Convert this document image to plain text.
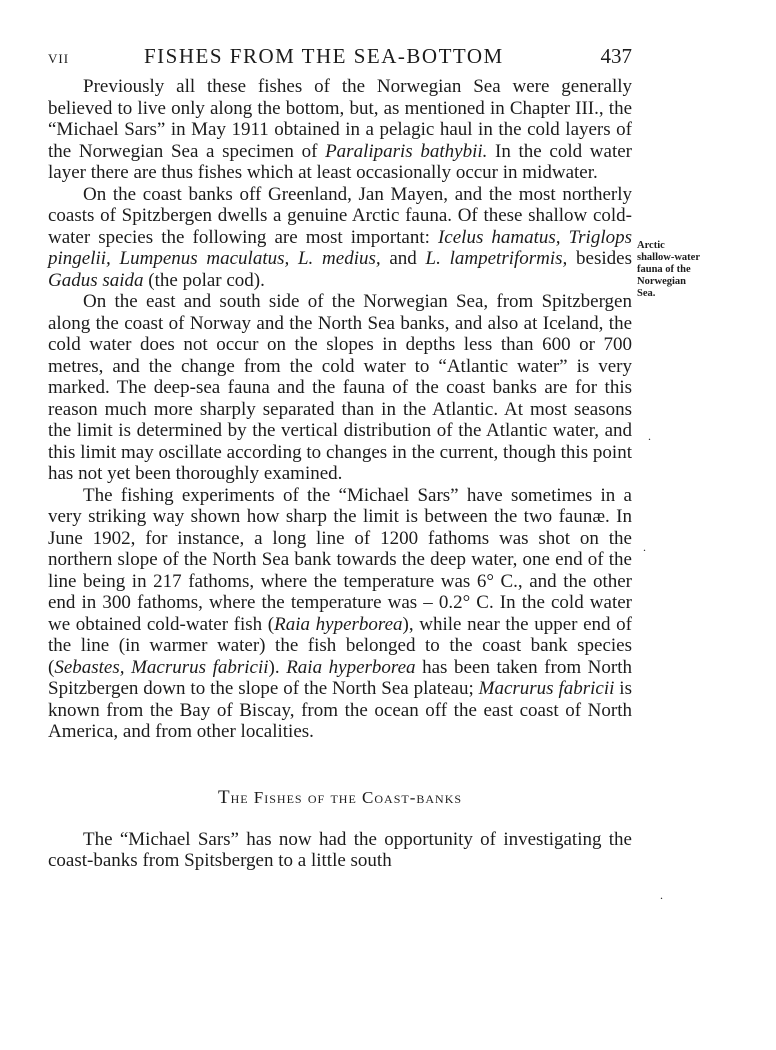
VII	FISHES FROM THE SEA-BOTTOM	437

Previously all these fishes of the Norwegian Sea were generally believed to live only along the bottom, but, as mentioned in Chapter III., the “Michael Sars” in May 1911 obtained in a pelagic haul in the cold layers of the Norwegian Sea a specimen of Paraliparis bathybii. In the cold water layer there are thus fishes which at least occasionally occur in midwater.

On the coast banks off Greenland, Jan Mayen, and the most northerly coasts of Spitzbergen dwells a genuine Arctic fauna. Of these shallow cold-water species the following are most important: Icelus hamatus, Triglops pingelii, Lumpenus maculatus, L. medius, and L. lampetriformis, besides Gadus saida (the polar cod).

On the east and south side of the Norwegian Sea, from Spitzbergen along the coast of Norway and the North Sea banks, and also at Iceland, the cold water does not occur on the slopes in depths less than 600 or 700 metres, and the change from the cold water to “Atlantic water” is very marked. The deep-sea fauna and the fauna of the coast banks are for this reason much more sharply separated than in the Atlantic. At most seasons the limit is determined by the vertical distribution of the Atlantic water, and this limit may oscillate according to changes in the current, though this point has not yet been thoroughly examined.

The fishing experiments of the “Michael Sars” have sometimes in a very striking way shown how sharp the limit is between the two faunæ. In June 1902, for instance, a long line of 1200 fathoms was shot on the northern slope of the North Sea bank towards the deep water, one end of the line being in 217 fathoms, where the temperature was 6° C., and the other end in 300 fathoms, where the temperature was – 0.2° C. In the cold water we obtained cold-water fish (Raia hyperborea), while near the upper end of the line (in warmer water) the fish belonged to the coast bank species (Sebastes, Macrurus fabricii). Raia hyperborea has been taken from North Spitzbergen down to the slope of the North Sea plateau; Macrurus fabricii is known from the Bay of Biscay, from the ocean off the east coast of North America, and from other localities.

The Fishes of the Coast-banks

The “Michael Sars” has now had the opportunity of investigating the coast-banks from Spitsbergen to a little south

Arctic
shallow-water
fauna of the
Norwegian
Sea.
.
.
.
